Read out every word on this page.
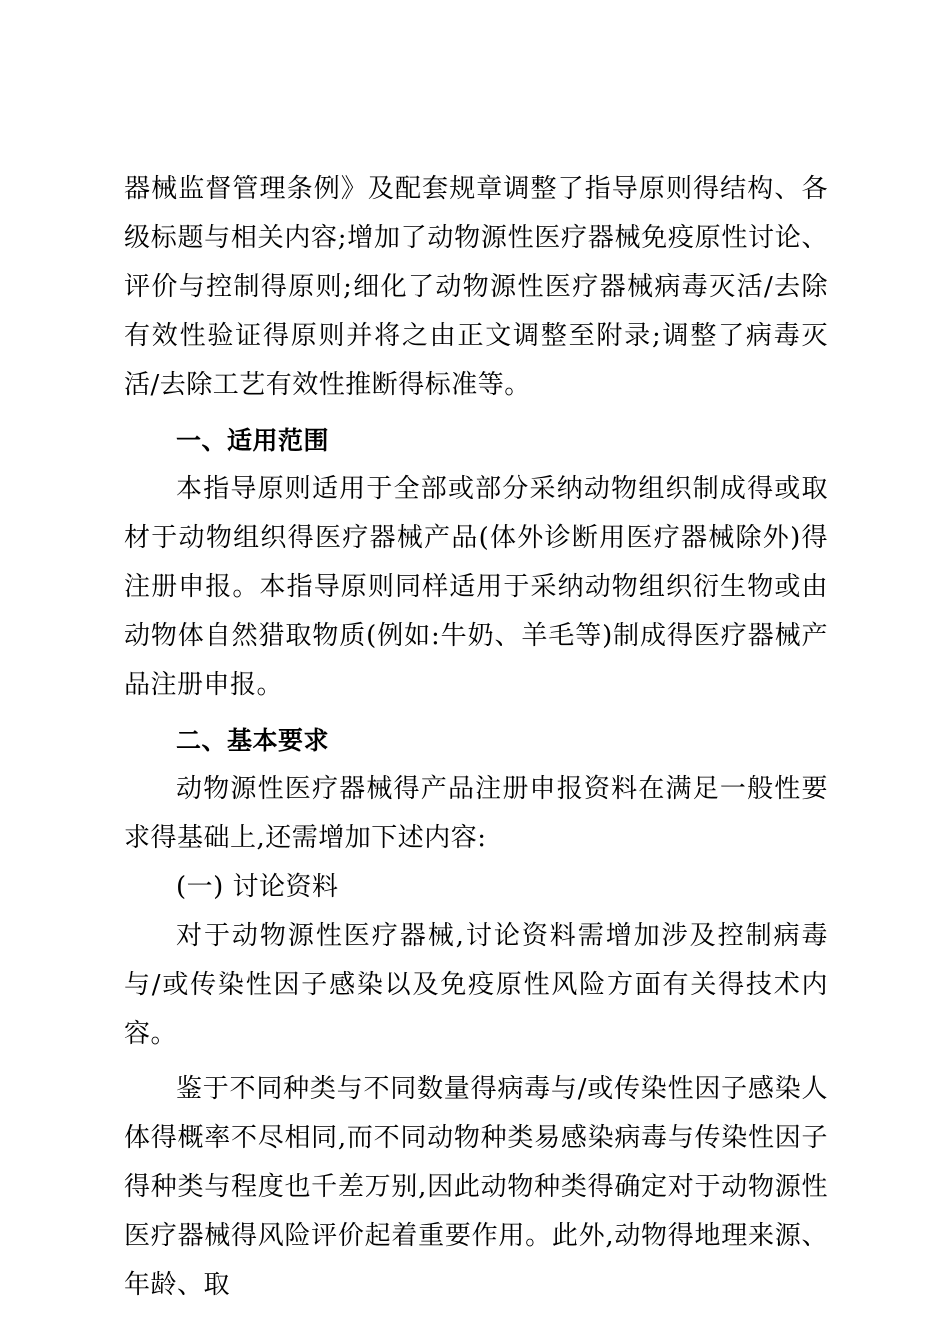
器械监督管理条例》及配套规章调整了指导原则得结构、各级标题与相关内容;增加了动物源性医疗器械免疫原性讨论、评价与控制得原则;细化了动物源性医疗器械病毒灭活/去除有效性验证得原则并将之由正文调整至附录;调整了病毒灭活/去除工艺有效性推断得标准等。

一、适用范围

本指导原则适用于全部或部分采纳动物组织制成得或取材于动物组织得医疗器械产品(体外诊断用医疗器械除外)得注册申报。本指导原则同样适用于采纳动物组织衍生物或由动物体自然猎取物质(例如:牛奶、羊毛等)制成得医疗器械产品注册申报。

二、基本要求

动物源性医疗器械得产品注册申报资料在满足一般性要求得基础上,还需增加下述内容:

(一) 讨论资料

对于动物源性医疗器械,讨论资料需增加涉及控制病毒与/或传染性因子感染以及免疫原性风险方面有关得技术内容。

鉴于不同种类与不同数量得病毒与/或传染性因子感染人体得概率不尽相同,而不同动物种类易感染病毒与传染性因子得种类与程度也千差万别,因此动物种类得确定对于动物源性医疗器械得风险评价起着重要作用。此外,动物得地理来源、年龄、取
